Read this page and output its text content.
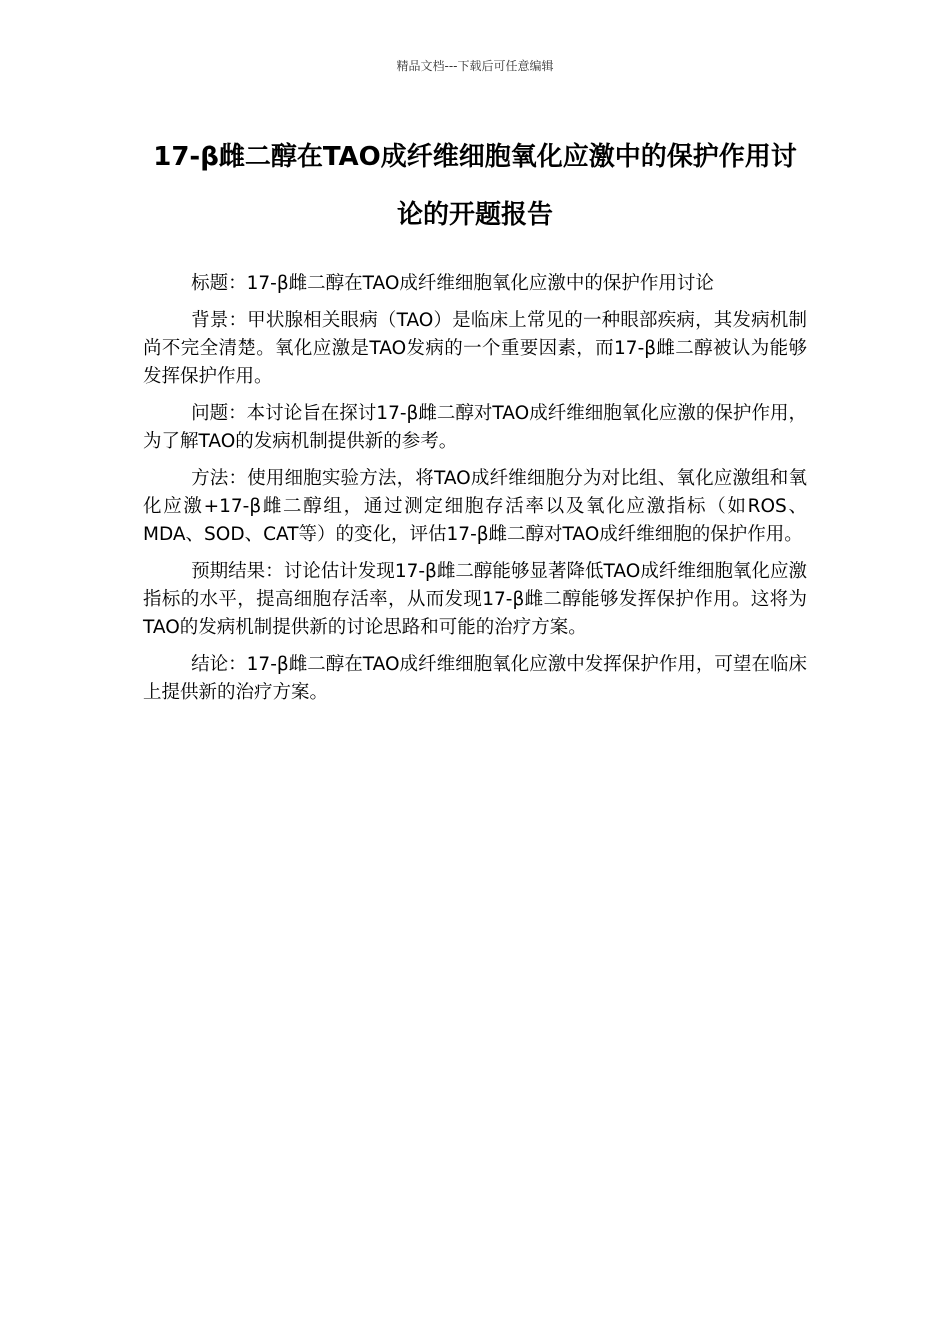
精品文档---下载后可任意编辑
17-β雌二醇在TAO成纤维细胞氧化应激中的保护作用讨论的开题报告

标题：17-β雌二醇在TAO成纤维细胞氧化应激中的保护作用讨论

背景：甲状腺相关眼病（TAO）是临床上常见的一种眼部疾病，其发病机制尚不完全清楚。氧化应激是TAO发病的一个重要因素，而17-β雌二醇被认为能够发挥保护作用。

问题：本讨论旨在探讨17-β雌二醇对TAO成纤维细胞氧化应激的保护作用，为了解TAO的发病机制提供新的参考。

方法：使用细胞实验方法，将TAO成纤维细胞分为对比组、氧化应激组和氧化应激+17-β雌二醇组，通过测定细胞存活率以及氧化应激指标（如ROS、MDA、SOD、CAT等）的变化，评估17-β雌二醇对TAO成纤维细胞的保护作用。

预期结果：讨论估计发现17-β雌二醇能够显著降低TAO成纤维细胞氧化应激指标的水平，提高细胞存活率，从而发现17-β雌二醇能够发挥保护作用。这将为TAO的发病机制提供新的讨论思路和可能的治疗方案。

结论：17-β雌二醇在TAO成纤维细胞氧化应激中发挥保护作用，可望在临床上提供新的治疗方案。
